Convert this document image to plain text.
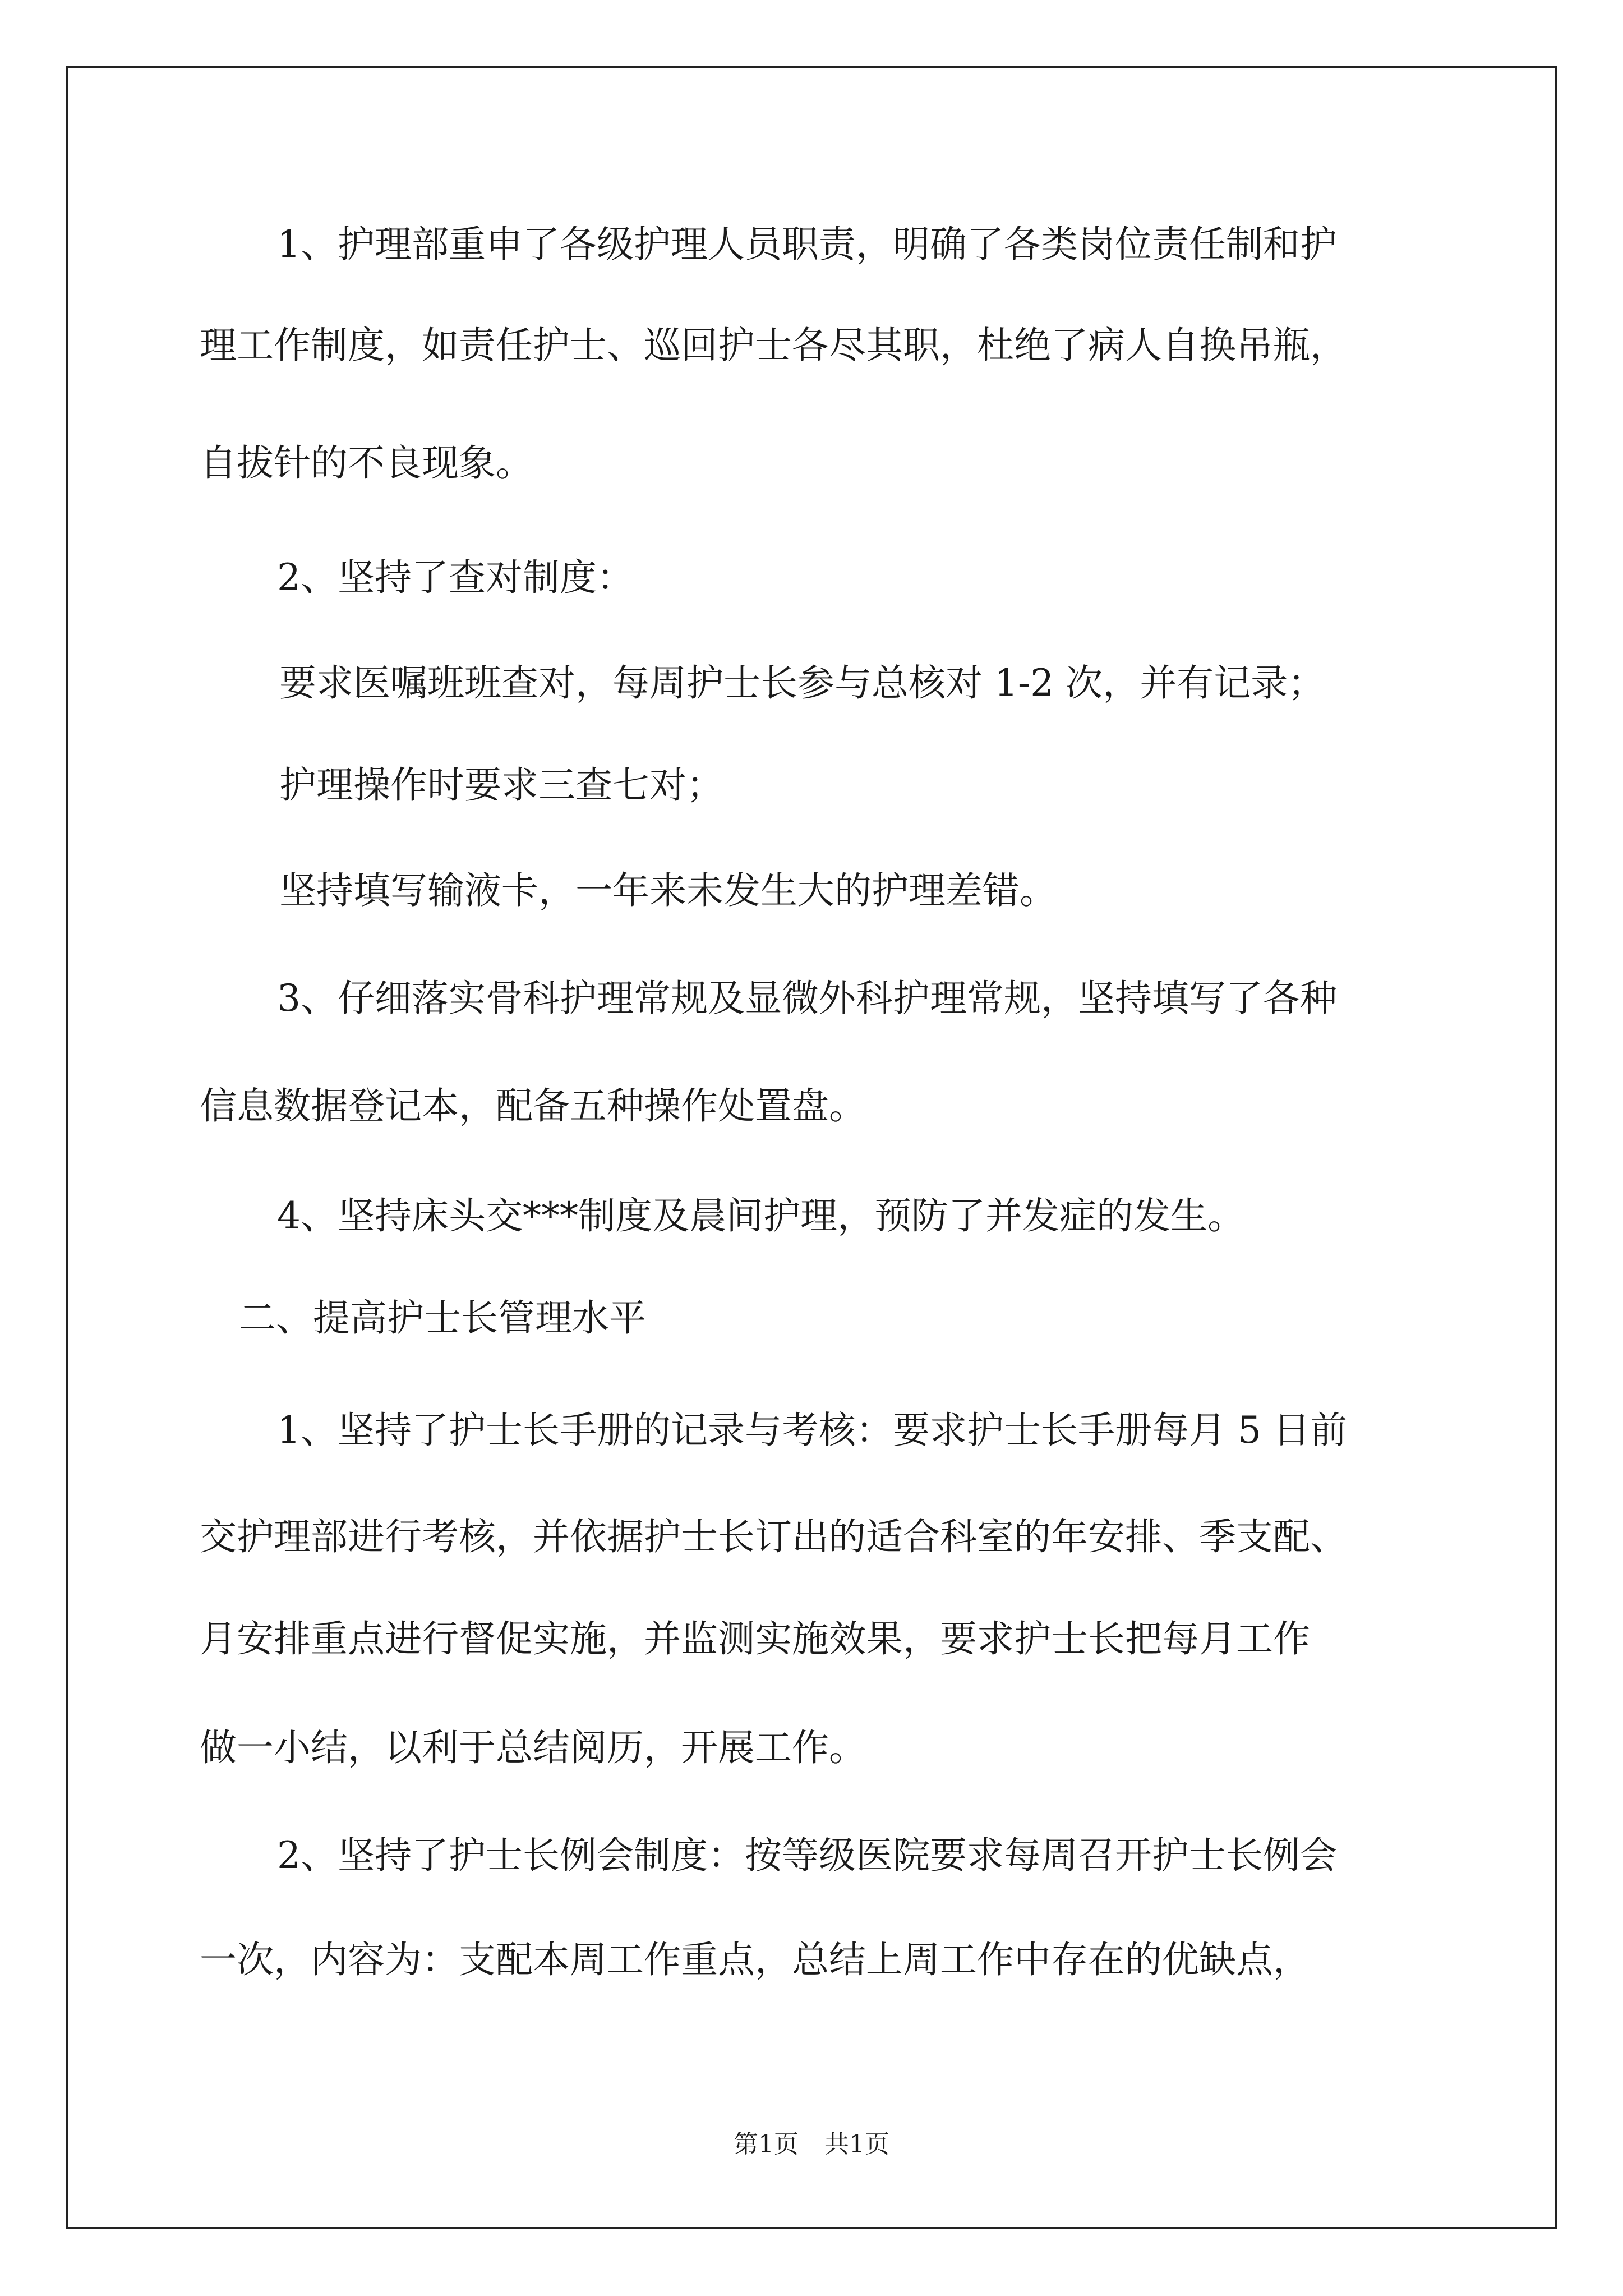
1、护理部重申了各级护理人员职责，明确了各类岗位责任制和护
理工作制度，如责任护士、巡回护士各尽其职，杜绝了病人自换吊瓶，
自拔针的不良现象。
2、坚持了查对制度：
要求医嘱班班查对，每周护士长参与总核对 1-2 次，并有记录；
护理操作时要求三查七对；
坚持填写输液卡，一年来未发生大的护理差错。
3、仔细落实骨科护理常规及显微外科护理常规，坚持填写了各种
信息数据登记本，配备五种操作处置盘。
4、坚持床头交***制度及晨间护理，预防了并发症的发生。
二、提高护士长管理水平
1、坚持了护士长手册的记录与考核：要求护士长手册每月 5 日前
交护理部进行考核，并依据护士长订出的适合科室的年安排、季支配、
月安排重点进行督促实施，并监测实施效果，要求护士长把每月工作
做一小结，以利于总结阅历，开展工作。
2、坚持了护士长例会制度：按等级医院要求每周召开护士长例会
一次，内容为：支配本周工作重点，总结上周工作中存在的优缺点，
第1页 共1页
